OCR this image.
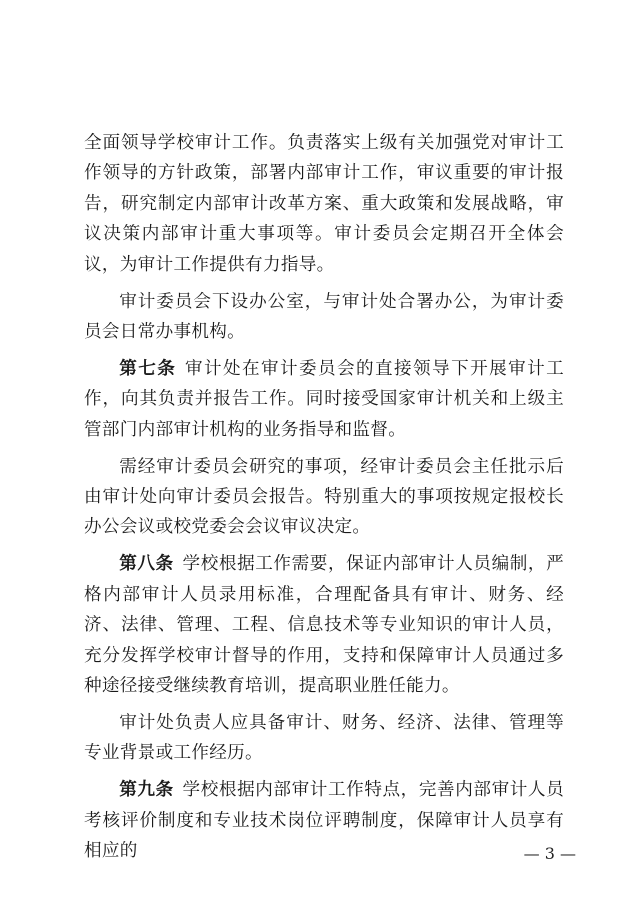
全面领导学校审计工作。负责落实上级有关加强党对审计工作领导的方针政策，部署内部审计工作，审议重要的审计报告，研究制定内部审计改革方案、重大政策和发展战略，审议决策内部审计重大事项等。审计委员会定期召开全体会议，为审计工作提供有力指导。

审计委员会下设办公室，与审计处合署办公，为审计委员会日常办事机构。

第七条 审计处在审计委员会的直接领导下开展审计工作，向其负责并报告工作。同时接受国家审计机关和上级主管部门内部审计机构的业务指导和监督。

需经审计委员会研究的事项，经审计委员会主任批示后由审计处向审计委员会报告。特别重大的事项按规定报校长办公会议或校党委会会议审议决定。

第八条 学校根据工作需要，保证内部审计人员编制，严格内部审计人员录用标准，合理配备具有审计、财务、经济、法律、管理、工程、信息技术等专业知识的审计人员，充分发挥学校审计督导的作用，支持和保障审计人员通过多种途径接受继续教育培训，提高职业胜任能力。

审计处负责人应具备审计、财务、经济、法律、管理等专业背景或工作经历。

第九条 学校根据内部审计工作特点，完善内部审计人员考核评价制度和专业技术岗位评聘制度，保障审计人员享有相应的	— 3 —
